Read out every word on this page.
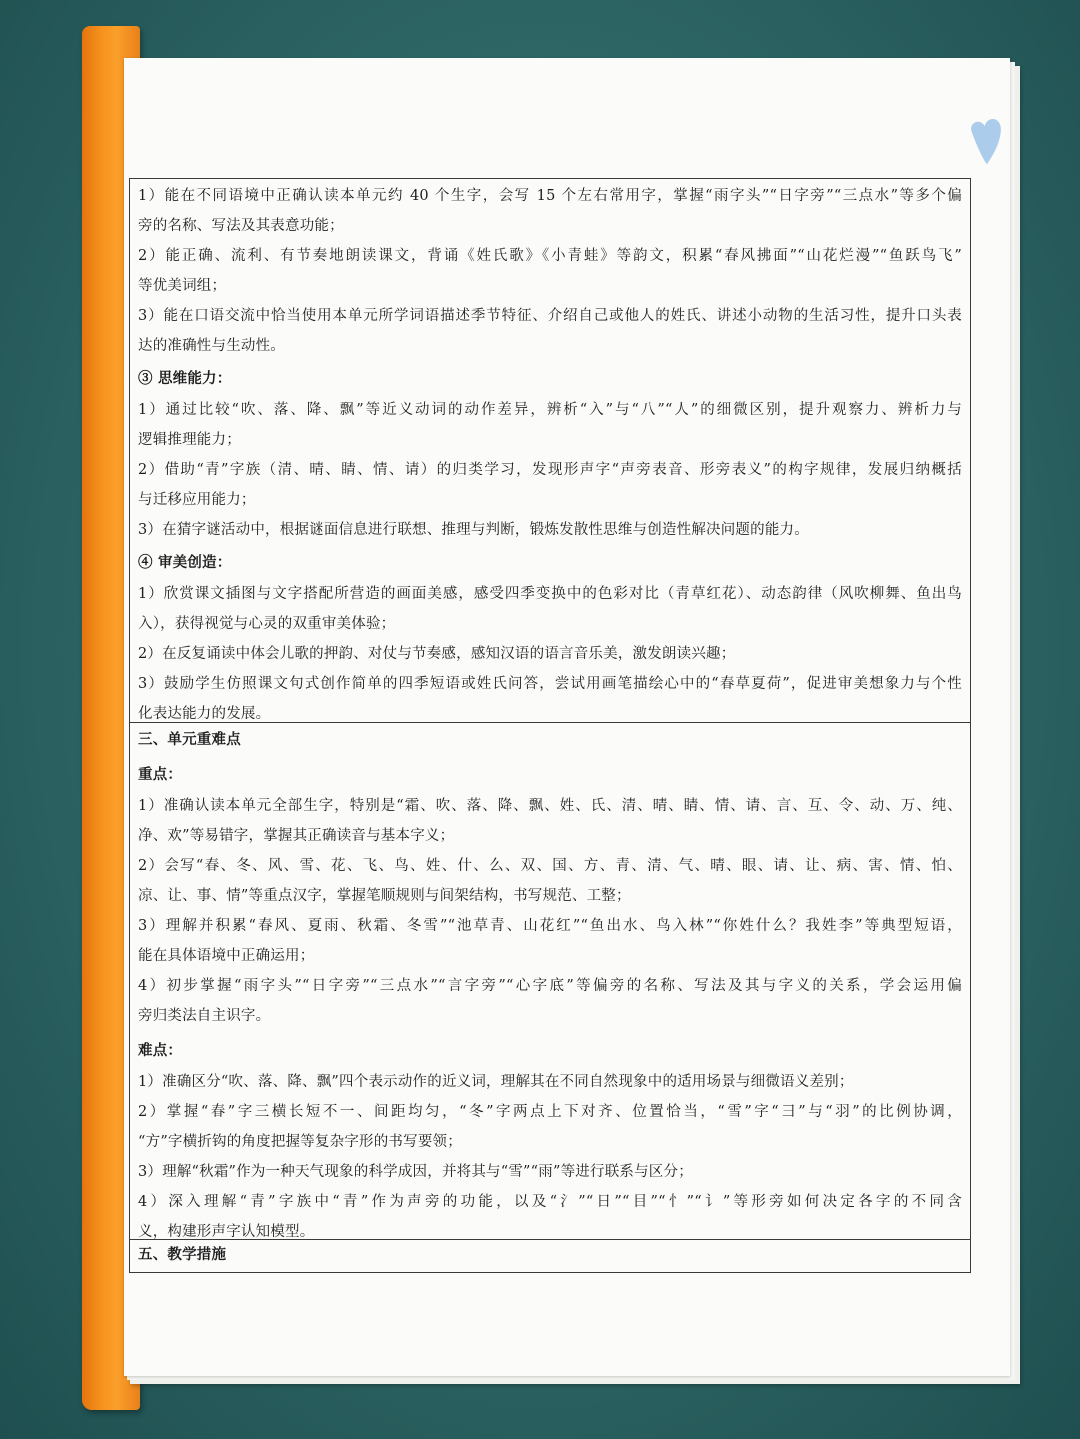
1）能在不同语境中正确认读本单元约 40 个生字，会写 15 个左右常用字，掌握“雨字头”“日字旁”“三点水”等多个偏
旁的名称、写法及其表意功能；
2）能正确、流利、有节奏地朗读课文，背诵《姓氏歌》《小青蛙》等韵文，积累“春风拂面”“山花烂漫”“鱼跃鸟飞”
等优美词组；
3）能在口语交流中恰当使用本单元所学词语描述季节特征、介绍自己或他人的姓氏、讲述小动物的生活习性，提升口头表
达的准确性与生动性。
③ 思维能力：
1）通过比较“吹、落、降、飘”等近义动词的动作差异，辨析“入”与“八”“人”的细微区别，提升观察力、辨析力与
逻辑推理能力；
2）借助“青”字族（清、晴、睛、情、请）的归类学习，发现形声字“声旁表音、形旁表义”的构字规律，发展归纳概括
与迁移应用能力；
3）在猜字谜活动中，根据谜面信息进行联想、推理与判断，锻炼发散性思维与创造性解决问题的能力。
④ 审美创造：
1）欣赏课文插图与文字搭配所营造的画面美感，感受四季变换中的色彩对比（青草红花）、动态韵律（风吹柳舞、鱼出鸟
入），获得视觉与心灵的双重审美体验；
2）在反复诵读中体会儿歌的押韵、对仗与节奏感，感知汉语的语言音乐美，激发朗读兴趣；
3）鼓励学生仿照课文句式创作简单的四季短语或姓氏问答，尝试用画笔描绘心中的“春草夏荷”，促进审美想象力与个性
化表达能力的发展。
三、单元重难点
重点：
1）准确认读本单元全部生字，特别是“霜、吹、落、降、飘、姓、氏、清、晴、睛、情、请、言、互、令、动、万、纯、
净、欢”等易错字，掌握其正确读音与基本字义；
2）会写“春、冬、风、雪、花、飞、鸟、姓、什、么、双、国、方、青、清、气、晴、眼、请、让、病、害、情、怕、
凉、让、事、情”等重点汉字，掌握笔顺规则与间架结构，书写规范、工整；
3）理解并积累“春风、夏雨、秋霜、冬雪”“池草青、山花红”“鱼出水、鸟入林”“你姓什么？我姓李”等典型短语，
能在具体语境中正确运用；
4）初步掌握“雨字头”“日字旁”“三点水”“言字旁”“心字底”等偏旁的名称、写法及其与字义的关系，学会运用偏
旁归类法自主识字。
难点：
1）准确区分“吹、落、降、飘”四个表示动作的近义词，理解其在不同自然现象中的适用场景与细微语义差别；
2）掌握“春”字三横长短不一、间距均匀，“冬”字两点上下对齐、位置恰当，“雪”字“彐”与“羽”的比例协调，
“方”字横折钩的角度把握等复杂字形的书写要领；
3）理解“秋霜”作为一种天气现象的科学成因，并将其与“雪”“雨”等进行联系与区分；
4）深入理解“青”字族中“青”作为声旁的功能，以及“氵”“日”“目”“忄”“讠”等形旁如何决定各字的不同含
义，构建形声字认知模型。
五、教学措施
